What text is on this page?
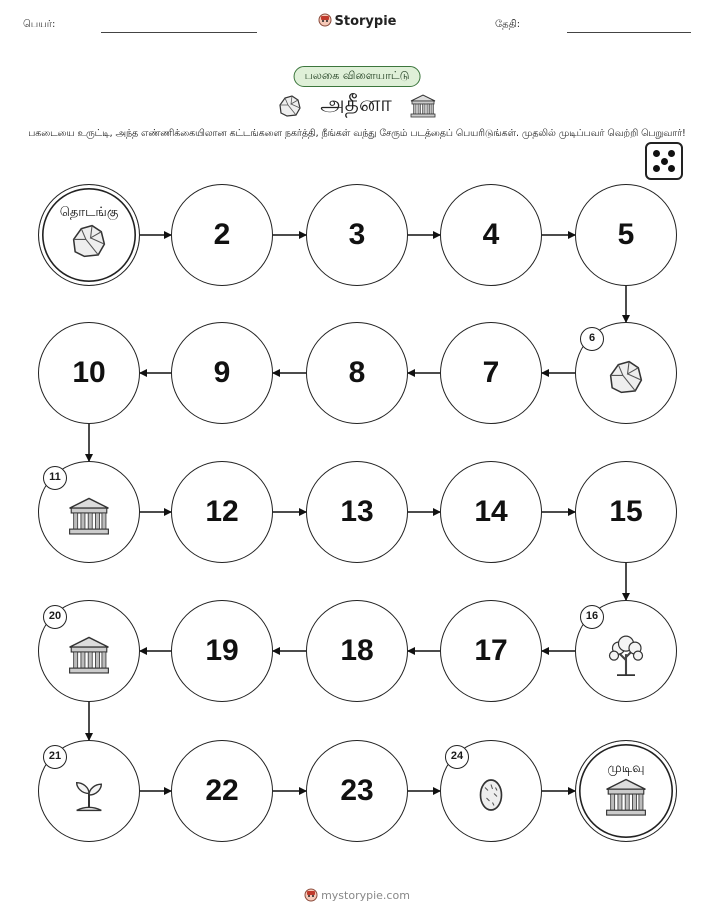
பெயர்:	Storypie	தேதி:
பலகை விளையாட்டு
அதீனா
பகடையை உருட்டி, அந்த எண்ணிக்கையிலான கட்டங்களை நகர்த்தி, நீங்கள் வந்து சேரும் படத்தைப் பெயரிடுங்கள். முதலில் முடிப்பவர் வெற்றி பெறுவார்!
தொடங்கு
2	3	4	5
6
7
8
9
10
11
12	13	14	15
16
17
18
19
20
21
22	23
24
முடிவு
mystorypie.com
